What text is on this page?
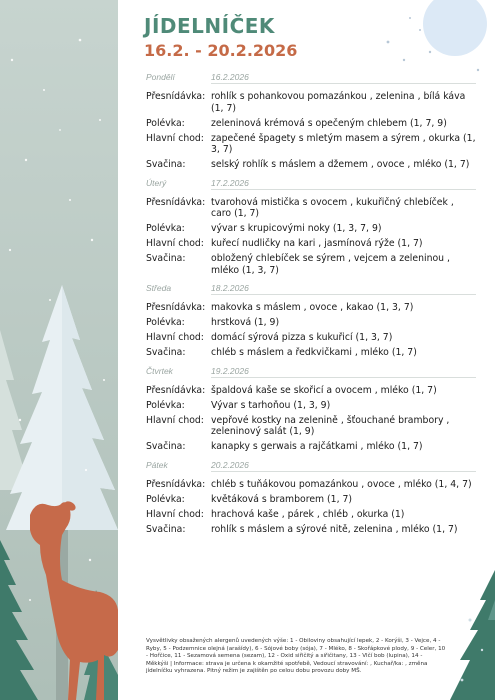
JÍDELNÍČEK
16.2. - 20.2.2026
Pondělí	16.2.2026
Přesnídávka: rohlík s pohankovou pomazánkou , zelenina , bílá káva (1, 7)
Polévka:	zeleninová krémová s opečeným chlebem (1, 7, 9)
Hlavní chod: zapečené špagety s mletým masem a sýrem , okurka (1, 3, 7)
Svačina:	selský rohlík s máslem a džemem , ovoce , mléko (1, 7)
Úterý	17.2.2026
Přesnídávka: tvarohová mistička s ovocem , kukuřičný chlebíček , caro (1, 7)
Polévka:	vývar s krupicovými noky (1, 3, 7, 9)
Hlavní chod: kuřecí nudličky na kari , jasmínová rýže (1, 7)
Svačina:	obložený chlebíček se sýrem , vejcem a zeleninou , mléko (1, 3, 7)
Středa	18.2.2026
Přesnídávka: makovka s máslem , ovoce , kakao (1, 3, 7)
Polévka:	hrstková (1, 9)
Hlavní chod: domácí sýrová pizza s kukuřicí (1, 3, 7)
Svačina:	chléb s máslem a ředkvičkami , mléko (1, 7)
Čtvrtek	19.2.2026
Přesnídávka: špaldová kaše se skořicí a ovocem , mléko (1, 7)
Polévka:	Vývar s tarhoňou (1, 3, 9)
Hlavní chod: vepřové kostky na zelenině , šťouchané brambory , zeleninový salát (1, 9)
Svačina:	kanapky s gerwais a rajčátkami , mléko (1, 7)
Pátek	20.2.2026
Přesnídávka: chléb s tuňákovou pomazánkou , ovoce , mléko (1, 4, 7)
Polévka:	květáková s bramborem (1, 7)
Hlavní chod: hrachová kaše , párek , chléb , okurka (1)
Svačina:	rohlík s máslem a sýrové nitě, zelenina , mléko (1, 7)

Vysvětlivky obsažených alergenů uvedených výše: 1 - Obiloviny obsahující lepek, 2 - Korýši, 3 - Vejce, 4 - Ryby, 5 - Podzemnice olejná (arašídy), 6 - Sójové boby (sója), 7 - Mléko, 8 - Skořápkové plody, 9 - Celer, 10 - Hořčice, 11 - Sezamová semena (sezam), 12 - Oxid siřičitý a siřičitany, 13 - Vlčí bob (lupina), 14 - Měkkýši | Informace: strava je určena k okamžité spotřebě, Vedoucí stravování: , Kuchař/ka: , změna jídelníčku vyhrazena. Pitný režim je zajištěn po celou dobu provozu doby MŠ.
